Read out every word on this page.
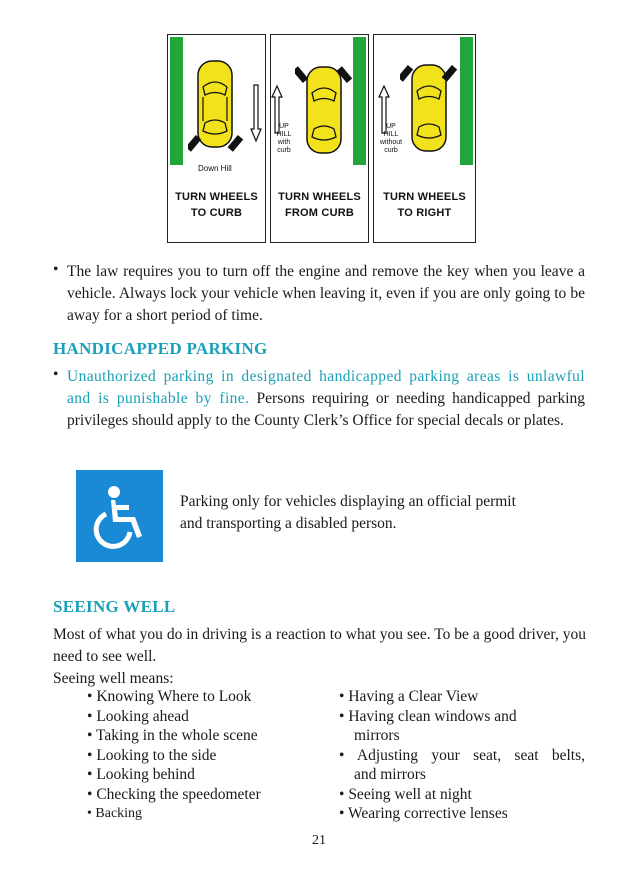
Down Hill
TURN WHEELS
TO CURB
UP
HILL
with
curb
TURN WHEELS
FROM CURB
UP
HILL
without
curb
TURN WHEELS
TO RIGHT
• The law requires you to turn off the engine and remove the key when you leave a vehicle. Always lock your vehicle when leaving it, even if you are only going to be away for a short period of time.
HANDICAPPED PARKING
• Unauthorized parking in designated handicapped parking areas is unlawful and is punishable by fine. Persons requiring or needing handicapped parking privileges should apply to the County Clerk’s Office for special decals or plates.
Parking only for vehicles displaying an official permit
and transporting a disabled person.
SEEING WELL
Most of what you do in driving is a reaction to what you see. To be a good driver, you need to see well.
Seeing well means:
• Knowing Where to Look
• Looking ahead
• Taking in the whole scene
• Looking to the side
• Looking behind
• Checking the speedometer
• Backing
• Having a Clear View
• Having clean windows and
mirrors
• Adjusting your seat, seat belts,
and mirrors
• Seeing well at night
• Wearing corrective lenses
21
